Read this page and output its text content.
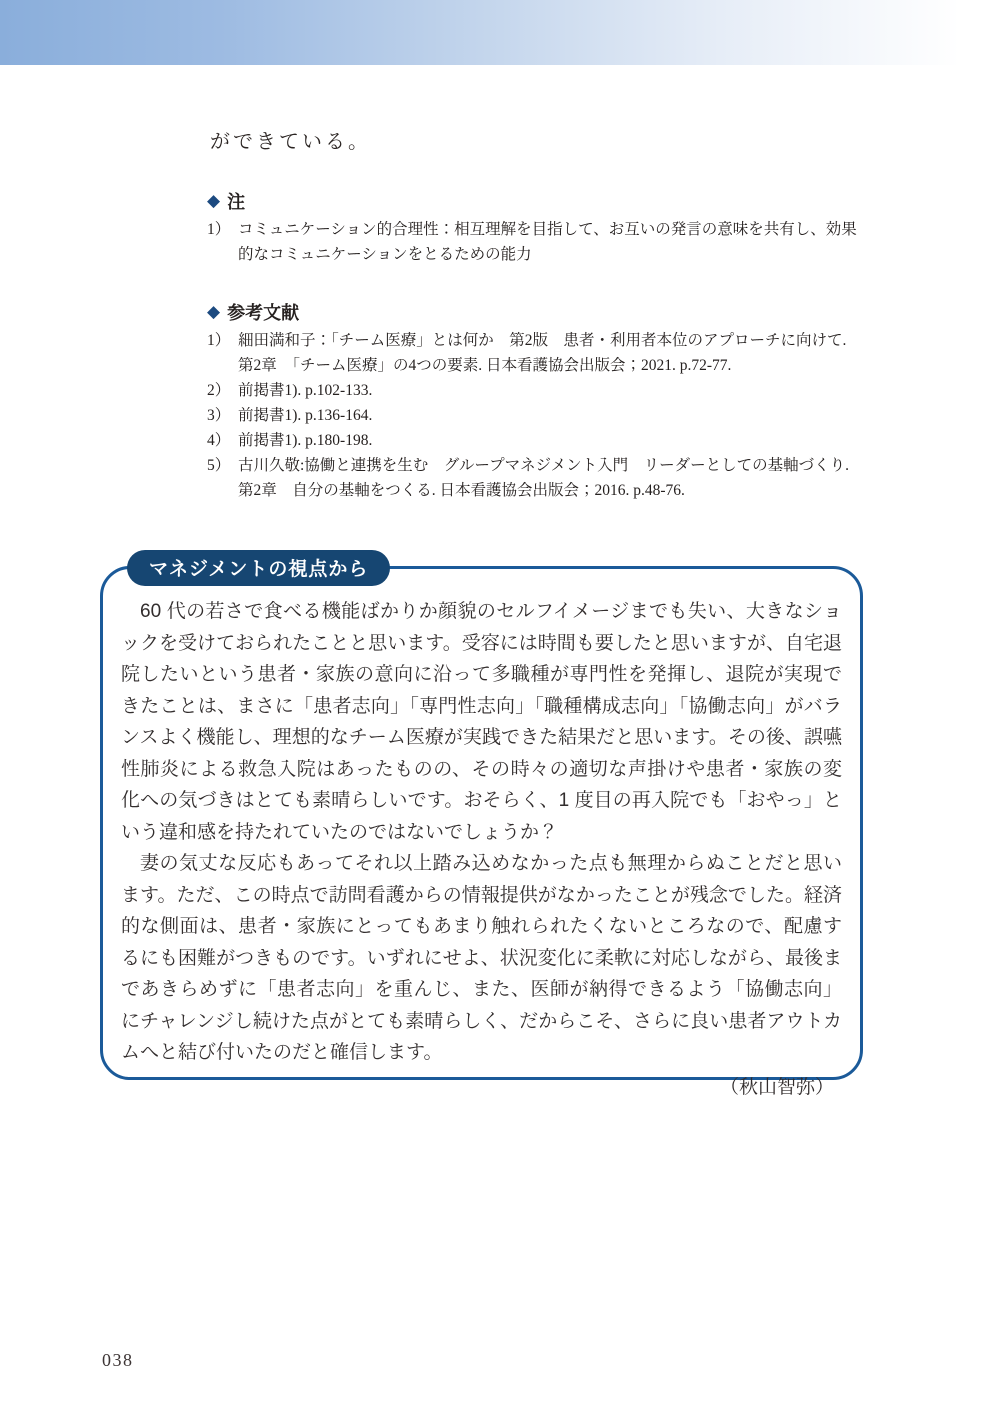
ができている。
◆ 注
1） コミュニケーション的合理性：相互理解を目指して、お互いの発言の意味を共有し、効果
的なコミュニケーションをとるための能力
◆ 参考文献
1） 細田満和子：「チーム医療」とは何か　第2版　患者・利用者本位のアプローチに向けて.
第2章　「チーム医療」の4つの要素. 日本看護協会出版会；2021. p.72-77.
2） 前掲書1). p.102-133.
3） 前掲書1). p.136-164.
4） 前掲書1). p.180-198.
5） 古川久敬:協働と連携を生む　グループマネジメント入門　リーダーとしての基軸づくり.
第2章　自分の基軸をつくる. 日本看護協会出版会；2016. p.48-76.
マネジメントの視点から

60 代の若さで食べる機能ばかりか顔貌のセルフイメージまでも失い、大きなショックを受けておられたことと思います。受容には時間も要したと思いますが、自宅退院したいという患者・家族の意向に沿って多職種が専門性を発揮し、退院が実現できたことは、まさに「患者志向」「専門性志向」「職種構成志向」「協働志向」がバランスよく機能し、理想的なチーム医療が実践できた結果だと思います。その後、誤嚥性肺炎による救急入院はあったものの、その時々の適切な声掛けや患者・家族の変化への気づきはとても素晴らしいです。おそらく、1 度目の再入院でも「おやっ」という違和感を持たれていたのではないでしょうか？

妻の気丈な反応もあってそれ以上踏み込めなかった点も無理からぬことだと思います。ただ、この時点で訪問看護からの情報提供がなかったことが残念でした。経済的な側面は、患者・家族にとってもあまり触れられたくないところなので、配慮するにも困難がつきものです。いずれにせよ、状況変化に柔軟に対応しながら、最後まであきらめずに「患者志向」を重んじ、また、医師が納得できるよう「協働志向」にチャレンジし続けた点がとても素晴らしく、だからこそ、さらに良い患者アウトカムへと結び付いたのだと確信します。

（秋山智弥）
038
